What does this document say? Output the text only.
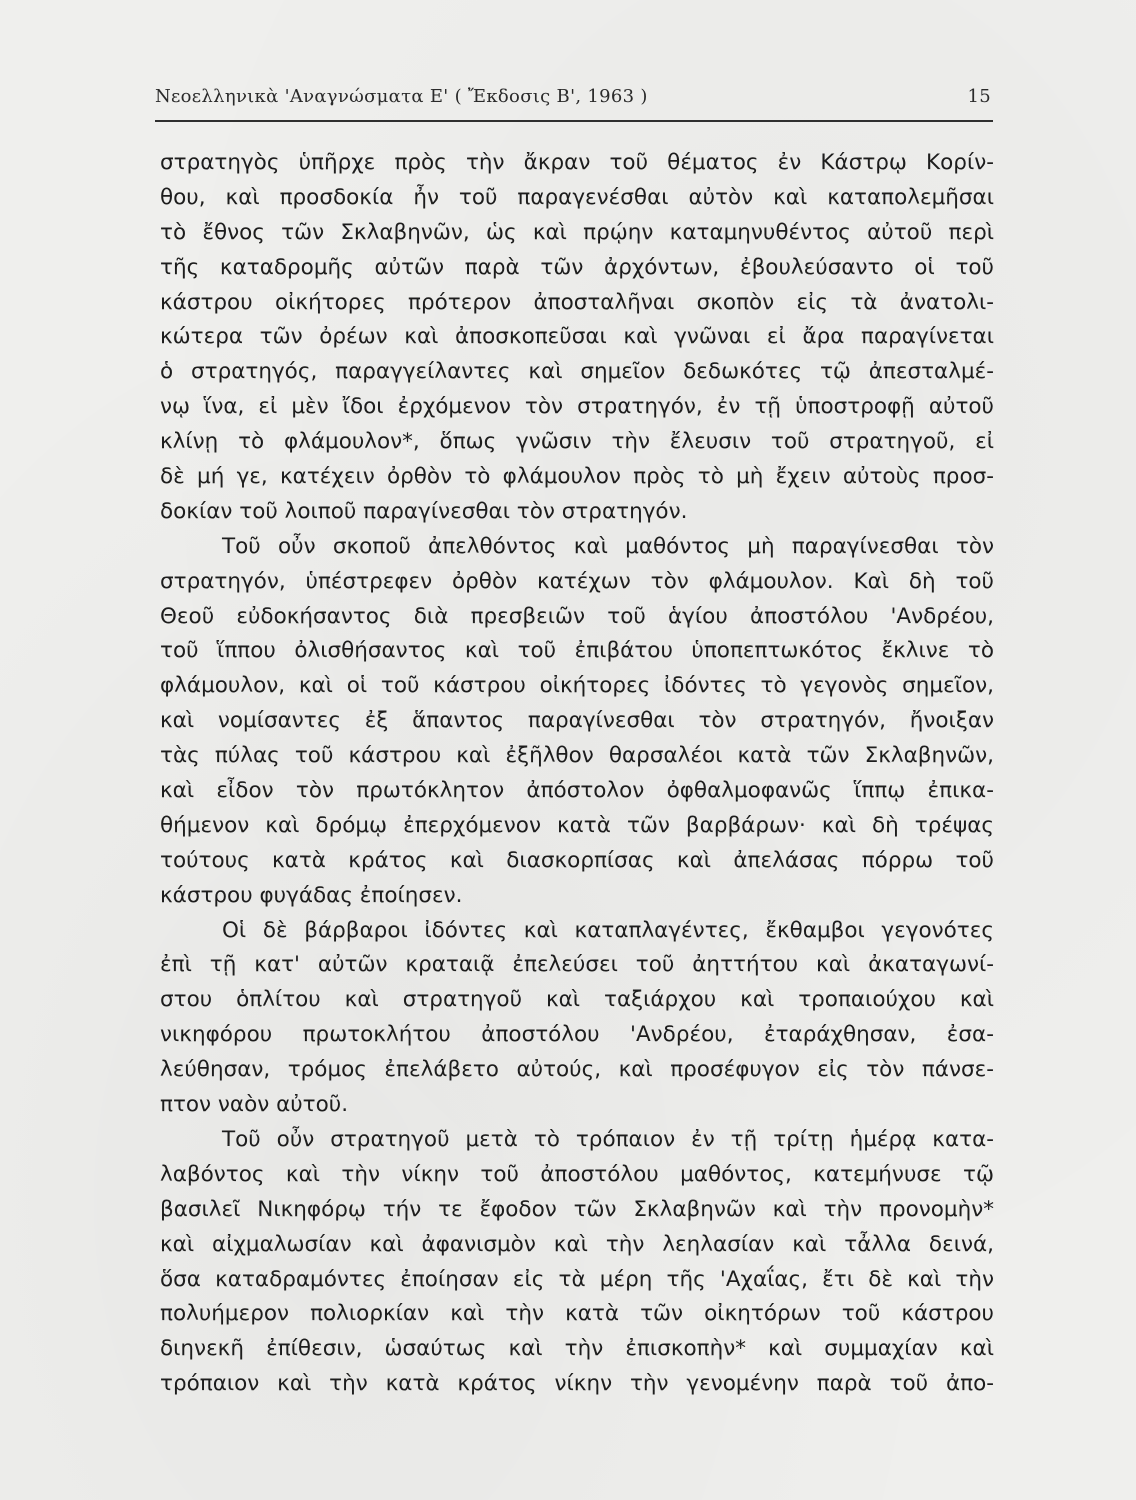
Νεοελληνικὰ 'Αναγνώσματα Ε' ( Ἔκδοσις Β', 1963 )	15
στρατηγὸς ὑπῆρχε πρὸς τὴν ἄκραν τοῦ θέματος ἐν Κάστρῳ Κορίν-
θου, καὶ προσδοκία ἦν τοῦ παραγενέσθαι αὐτὸν καὶ καταπολεμῆσαι
τὸ ἔθνος τῶν Σκλαβηνῶν, ὡς καὶ πρῴην καταμηνυθέντος αὐτοῦ περὶ
τῆς καταδρομῆς αὐτῶν παρὰ τῶν ἀρχόντων, ἐβουλεύσαντο οἱ τοῦ
κάστρου οἰκήτορες πρότερον ἀποσταλῆναι σκοπὸν εἰς τὰ ἀνατολι-
κώτερα τῶν ὀρέων καὶ ἀποσκοπεῦσαι καὶ γνῶναι εἰ ἄρα παραγίνεται
ὁ στρατηγός, παραγγείλαντες καὶ σημεῖον δεδωκότες τῷ ἀπεσταλμέ-
νῳ ἵνα, εἰ μὲν ἴδοι ἐρχόμενον τὸν στρατηγόν, ἐν τῇ ὑποστροφῇ αὐτοῦ
κλίνῃ τὸ φλάμουλον*, ὅπως γνῶσιν τὴν ἔλευσιν τοῦ στρατηγοῦ, εἰ
δὲ μή γε, κατέχειν ὀρθὸν τὸ φλάμουλον πρὸς τὸ μὴ ἔχειν αὐτοὺς προσ-
δοκίαν τοῦ λοιποῦ παραγίνεσθαι τὸν στρατηγόν.
Τοῦ οὖν σκοποῦ ἀπελθόντος καὶ μαθόντος μὴ παραγίνεσθαι τὸν
στρατηγόν, ὑπέστρεφεν ὀρθὸν κατέχων τὸν φλάμουλον. Καὶ δὴ τοῦ
Θεοῦ εὐδοκήσαντος διὰ πρεσβειῶν τοῦ ἁγίου ἀποστόλου 'Ανδρέου,
τοῦ ἵππου ὀλισθήσαντος καὶ τοῦ ἐπιβάτου ὑποπεπτωκότος ἔκλινε τὸ
φλάμουλον, καὶ οἱ τοῦ κάστρου οἰκήτορες ἰδόντες τὸ γεγονὸς σημεῖον,
καὶ νομίσαντες ἐξ ἅπαντος παραγίνεσθαι τὸν στρατηγόν, ἤνοιξαν
τὰς πύλας τοῦ κάστρου καὶ ἐξῆλθον θαρσαλέοι κατὰ τῶν Σκλαβηνῶν,
καὶ εἶδον τὸν πρωτόκλητον ἀπόστολον ὀφθαλμοφανῶς ἵππῳ ἐπικα-
θήμενον καὶ δρόμῳ ἐπερχόμενον κατὰ τῶν βαρβάρων· καὶ δὴ τρέψας
τούτους κατὰ κράτος καὶ διασκορπίσας καὶ ἀπελάσας πόρρω τοῦ
κάστρου φυγάδας ἐποίησεν.
Οἱ δὲ βάρβαροι ἰδόντες καὶ καταπλαγέντες, ἔκθαμβοι γεγονότες
ἐπὶ τῇ κατ' αὐτῶν κραταιᾷ ἐπελεύσει τοῦ ἀηττήτου καὶ ἀκαταγωνί-
στου ὁπλίτου καὶ στρατηγοῦ καὶ ταξιάρχου καὶ τροπαιούχου καὶ
νικηφόρου πρωτοκλήτου ἀποστόλου 'Ανδρέου, ἐταράχθησαν, ἐσα-
λεύθησαν, τρόμος ἐπελάβετο αὐτούς, καὶ προσέφυγον εἰς τὸν πάνσε-
πτον ναὸν αὐτοῦ.
Τοῦ οὖν στρατηγοῦ μετὰ τὸ τρόπαιον ἐν τῇ τρίτῃ ἡμέρᾳ κατα-
λαβόντος καὶ τὴν νίκην τοῦ ἀποστόλου μαθόντος, κατεμήνυσε τῷ
βασιλεῖ Νικηφόρῳ τήν τε ἔφοδον τῶν Σκλαβηνῶν καὶ τὴν προνομὴν*
καὶ αἰχμαλωσίαν καὶ ἀφανισμὸν καὶ τὴν λεηλασίαν καὶ τἆλλα δεινά,
ὅσα καταδραμόντες ἐποίησαν εἰς τὰ μέρη τῆς 'Αχαΐας, ἔτι δὲ καὶ τὴν
πολυήμερον πολιορκίαν καὶ τὴν κατὰ τῶν οἰκητόρων τοῦ κάστρου
διηνεκῆ ἐπίθεσιν, ὡσαύτως καὶ τὴν ἐπισκοπὴν* καὶ συμμαχίαν καὶ
τρόπαιον καὶ τὴν κατὰ κράτος νίκην τὴν γενομένην παρὰ τοῦ ἀπο-
